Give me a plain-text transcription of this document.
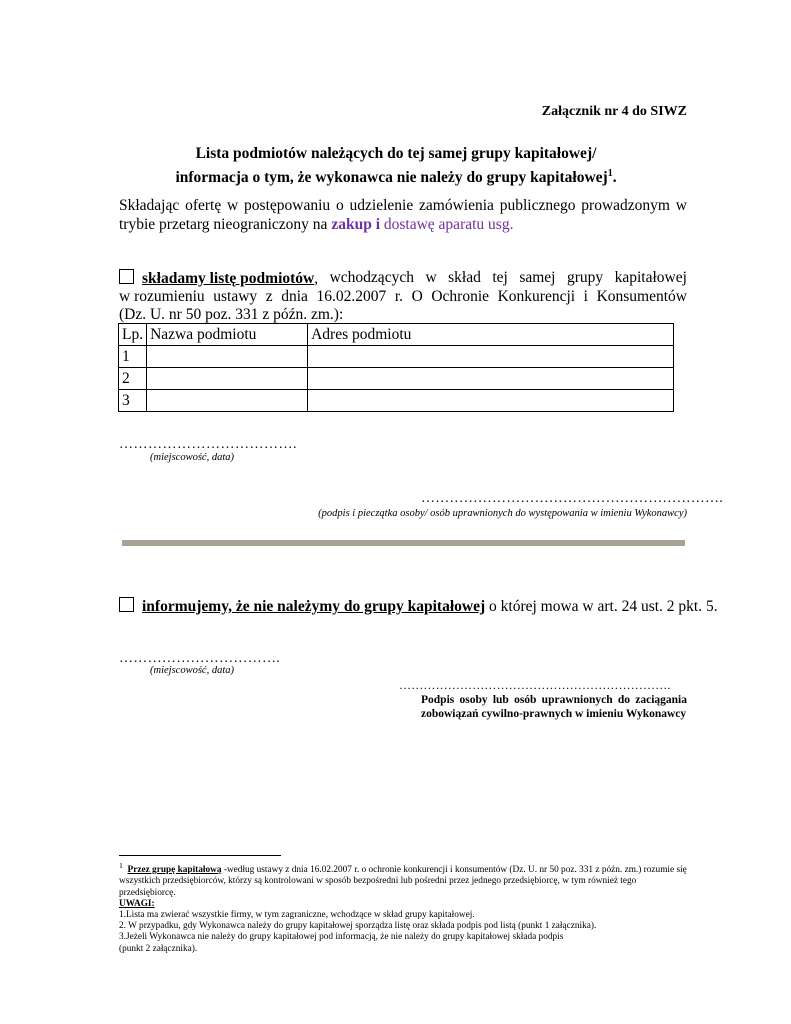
Załącznik nr 4 do SIWZ
Lista podmiotów należących do tej samej grupy kapitałowej/
informacja o tym, że wykonawca nie należy do grupy kapitałowej$^1$.
Składając ofertę w postępowaniu o udzielenie zamówienia publicznego prowadzonym w trybie przetarg nieograniczony na zakup i dostawę aparatu usg.
składamy listę podmiotów, wchodzących w skład tej samej grupy kapitałowej
w rozumieniu ustawy z dnia 16.02.2007 r. O Ochronie Konkurencji i Konsumentów
(Dz. U. nr 50 poz. 331 z późn. zm.):
Lp.	Nazwa podmiotu	Adres podmiotu
1		
2		
3		
……………………………….
(miejscowość, data)
……………………………………………………….
(podpis i pieczątka osoby/ osób uprawnionych do występowania w imieniu Wykonawcy)
informujemy, że nie należymy do grupy kapitałowej o której mowa w art. 24 ust. 2 pkt. 5.
…………………………….
(miejscowość, data)
………………………………………………………….
Podpis osoby lub osób uprawnionych do zaciągania zobowiązań cywilno-prawnych w imieniu Wykonawcy
$^1$ Przez grupę kapitałową -według ustawy z dnia 16.02.2007 r. o ochronie konkurencji i konsumentów (Dz. U. nr 50 poz. 331 z późn. zm.) rozumie się wszystkich przedsiębiorców, którzy są kontrolowani w sposób bezpośredni lub pośredni przez jednego przedsiębiorcę, w tym również tego przedsiębiorcę.
UWAGI:
1.Lista ma zwierać wszystkie firmy, w tym zagraniczne, wchodzące w skład grupy kapitałowej.
2. W przypadku, gdy Wykonawca należy do grupy kapitałowej sporządza listę oraz składa podpis pod listą (punkt 1 załącznika).
3.Jeżeli Wykonawca nie należy do grupy kapitałowej pod informacją, że nie należy do grupy kapitałowej składa podpis
(punkt 2 załącznika).
